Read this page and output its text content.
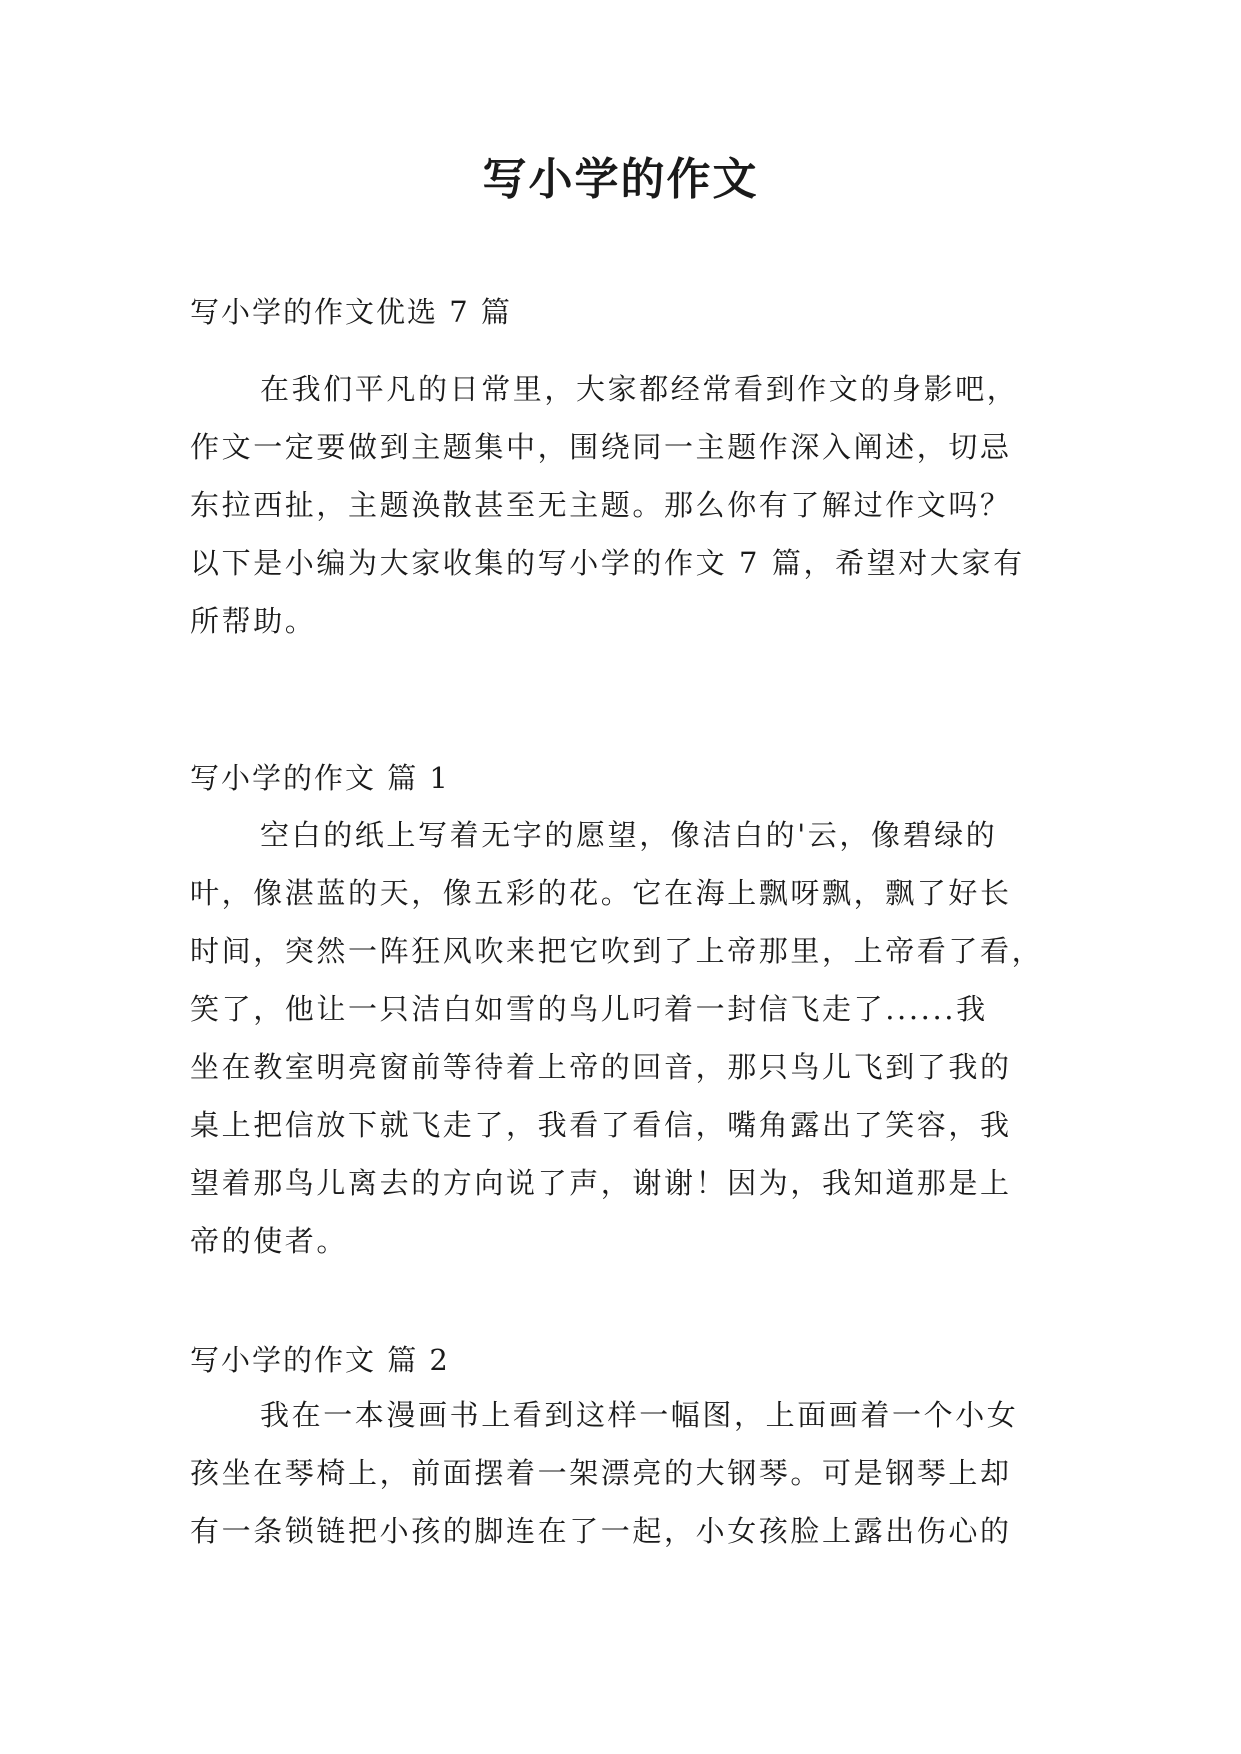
写小学的作文

写小学的作文优选 7 篇

在我们平凡的日常里，大家都经常看到作文的身影吧，
作文一定要做到主题集中，围绕同一主题作深入阐述，切忌
东拉西扯，主题涣散甚至无主题。那么你有了解过作文吗？
以下是小编为大家收集的写小学的作文 7 篇，希望对大家有
所帮助。

写小学的作文 篇 1

空白的纸上写着无字的愿望，像洁白的'云，像碧绿的
叶，像湛蓝的天，像五彩的花。它在海上飘呀飘，飘了好长
时间，突然一阵狂风吹来把它吹到了上帝那里，上帝看了看，
笑了，他让一只洁白如雪的鸟儿叼着一封信飞走了......我
坐在教室明亮窗前等待着上帝的回音，那只鸟儿飞到了我的
桌上把信放下就飞走了，我看了看信，嘴角露出了笑容，我
望着那鸟儿离去的方向说了声，谢谢！因为，我知道那是上
帝的使者。

写小学的作文 篇 2

我在一本漫画书上看到这样一幅图，上面画着一个小女
孩坐在琴椅上，前面摆着一架漂亮的大钢琴。可是钢琴上却
有一条锁链把小孩的脚连在了一起，小女孩脸上露出伤心的
